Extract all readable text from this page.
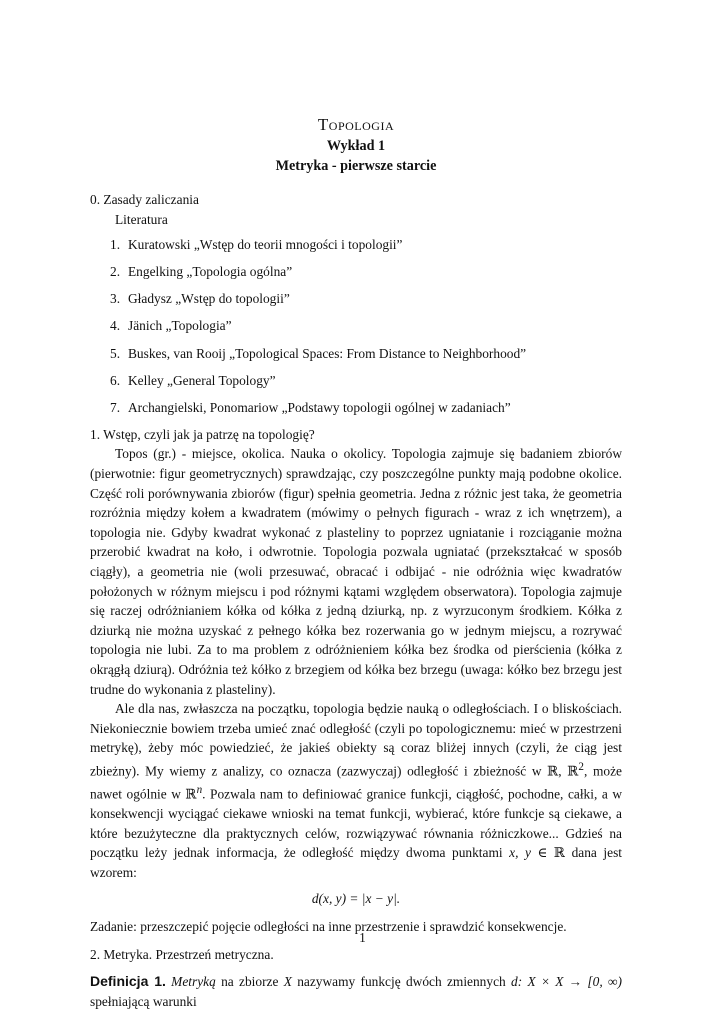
Topologia
Wykład 1
Metryka - pierwsze starcie
0. Zasady zaliczania
Literatura
1. Kuratowski „Wstęp do teorii mnogości i topologii”
2. Engelking „Topologia ogólna”
3. Gładysz „Wstęp do topologii”
4. Jänich „Topologia”
5. Buskes, van Rooij „Topological Spaces: From Distance to Neighborhood”
6. Kelley „General Topology”
7. Archangielski, Ponomariow „Podstawy topologii ogólnej w zadaniach”
1. Wstęp, czyli jak ja patrzę na topologię?

Topos (gr.) - miejsce, okolica. Nauka o okolicy. Topologia zajmuje się badaniem zbiorów (pierwotnie: figur geometrycznych) sprawdzając, czy poszczególne punkty mają podobne okolice. Część roli porównywania zbiorów (figur) spełnia geometria. Jedna z różnic jest taka, że geometria rozróżnia między kołem a kwadratem (mówimy o pełnych figurach - wraz z ich wnętrzem), a topologia nie. Gdyby kwadrat wykonać z plasteliny to poprzez ugniatanie i rozciąganie można przerobić kwadrat na koło, i odwrotnie. Topologia pozwala ugniatać (przekształcać w sposób ciągły), a geometria nie (woli przesuwać, obracać i odbijać - nie odróżnia więc kwadratów położonych w różnym miejscu i pod różnymi kątami względem obserwatora). Topologia zajmuje się raczej odróżnianiem kółka od kółka z jedną dziurką, np. z wyrzuconym środkiem. Kółka z dziurką nie można uzyskać z pełnego kółka bez rozerwania go w jednym miejscu, a rozrywać topologia nie lubi. Za to ma problem z odróżnieniem kółka bez środka od pierścienia (kółka z okrągłą dziurą). Odróżnia też kółko z brzegiem od kółka bez brzegu (uwaga: kółko bez brzegu jest trudne do wykonania z plasteliny).

Ale dla nas, zwłaszcza na początku, topologia będzie nauką o odległościach. I o bliskościach. Niekoniecznie bowiem trzeba umieć znać odległość (czyli po topologicznemu: mieć w przestrzeni metrykę), żeby móc powiedzieć, że jakieś obiekty są coraz bliżej innych (czyli, że ciąg jest zbieżny). My wiemy z analizy, co oznacza (zazwyczaj) odległość i zbieżność w ℝ, ℝ$^2$, może nawet ogólnie w ℝ$^n$. Pozwala nam to definiować granice funkcji, ciągłość, pochodne, całki, a w konsekwencji wyciągać ciekawe wnioski na temat funkcji, wybierać, które funkcje są ciekawe, a które bezużyteczne dla praktycznych celów, rozwiązywać równania różniczkowe... Gdzieś na początku leży jednak informacja, że odległość między dwoma punktami x, y ∈ ℝ dana jest wzorem:

d(x, y) = |x − y|.

Zadanie: przeszczepić pojęcie odległości na inne przestrzenie i sprawdzić konsekwencje.

2. Metryka. Przestrzeń metryczna.

Definicja 1. Metryką na zbiorze X nazywamy funkcję dwóch zmiennych d: X × X → [0, ∞) spełniającą warunki

1
